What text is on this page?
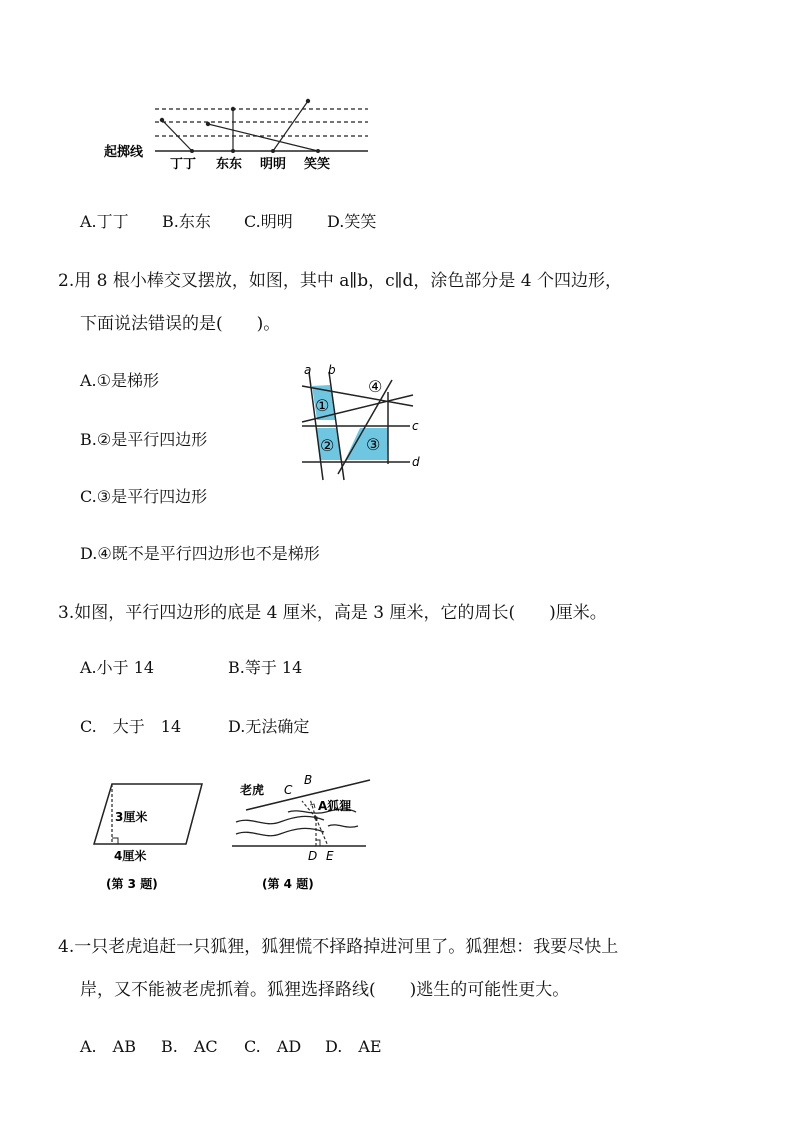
起掷线
丁丁 东东 明明 笑笑
A.丁丁 B.东东 C.明明 D.笑笑
2.用 8 根小棒交叉摆放，如图，其中 a∥b，c∥d，涂色部分是 4 个四边形，
下面说法错误的是(　　)。
A.①是梯形
B.②是平行四边形
C.③是平行四边形
D.④既不是平行四边形也不是梯形
a b
c
d
①
② ③
④
3.如图，平行四边形的底是 4 厘米，高是 3 厘米，它的周长(　　)厘米。
A.小于 14	B.等于 14
C.　大于　14	D.无法确定
3厘米
4厘米
(第 3 题)
老虎 C
B
A狐狸
D E
(第 4 题)
4.一只老虎追赶一只狐狸，狐狸慌不择路掉进河里了。狐狸想：我要尽快上
岸，又不能被老虎抓着。狐狸选择路线(　　)逃生的可能性更大。
A.　AB B.　AC C.　AD D.　AE
